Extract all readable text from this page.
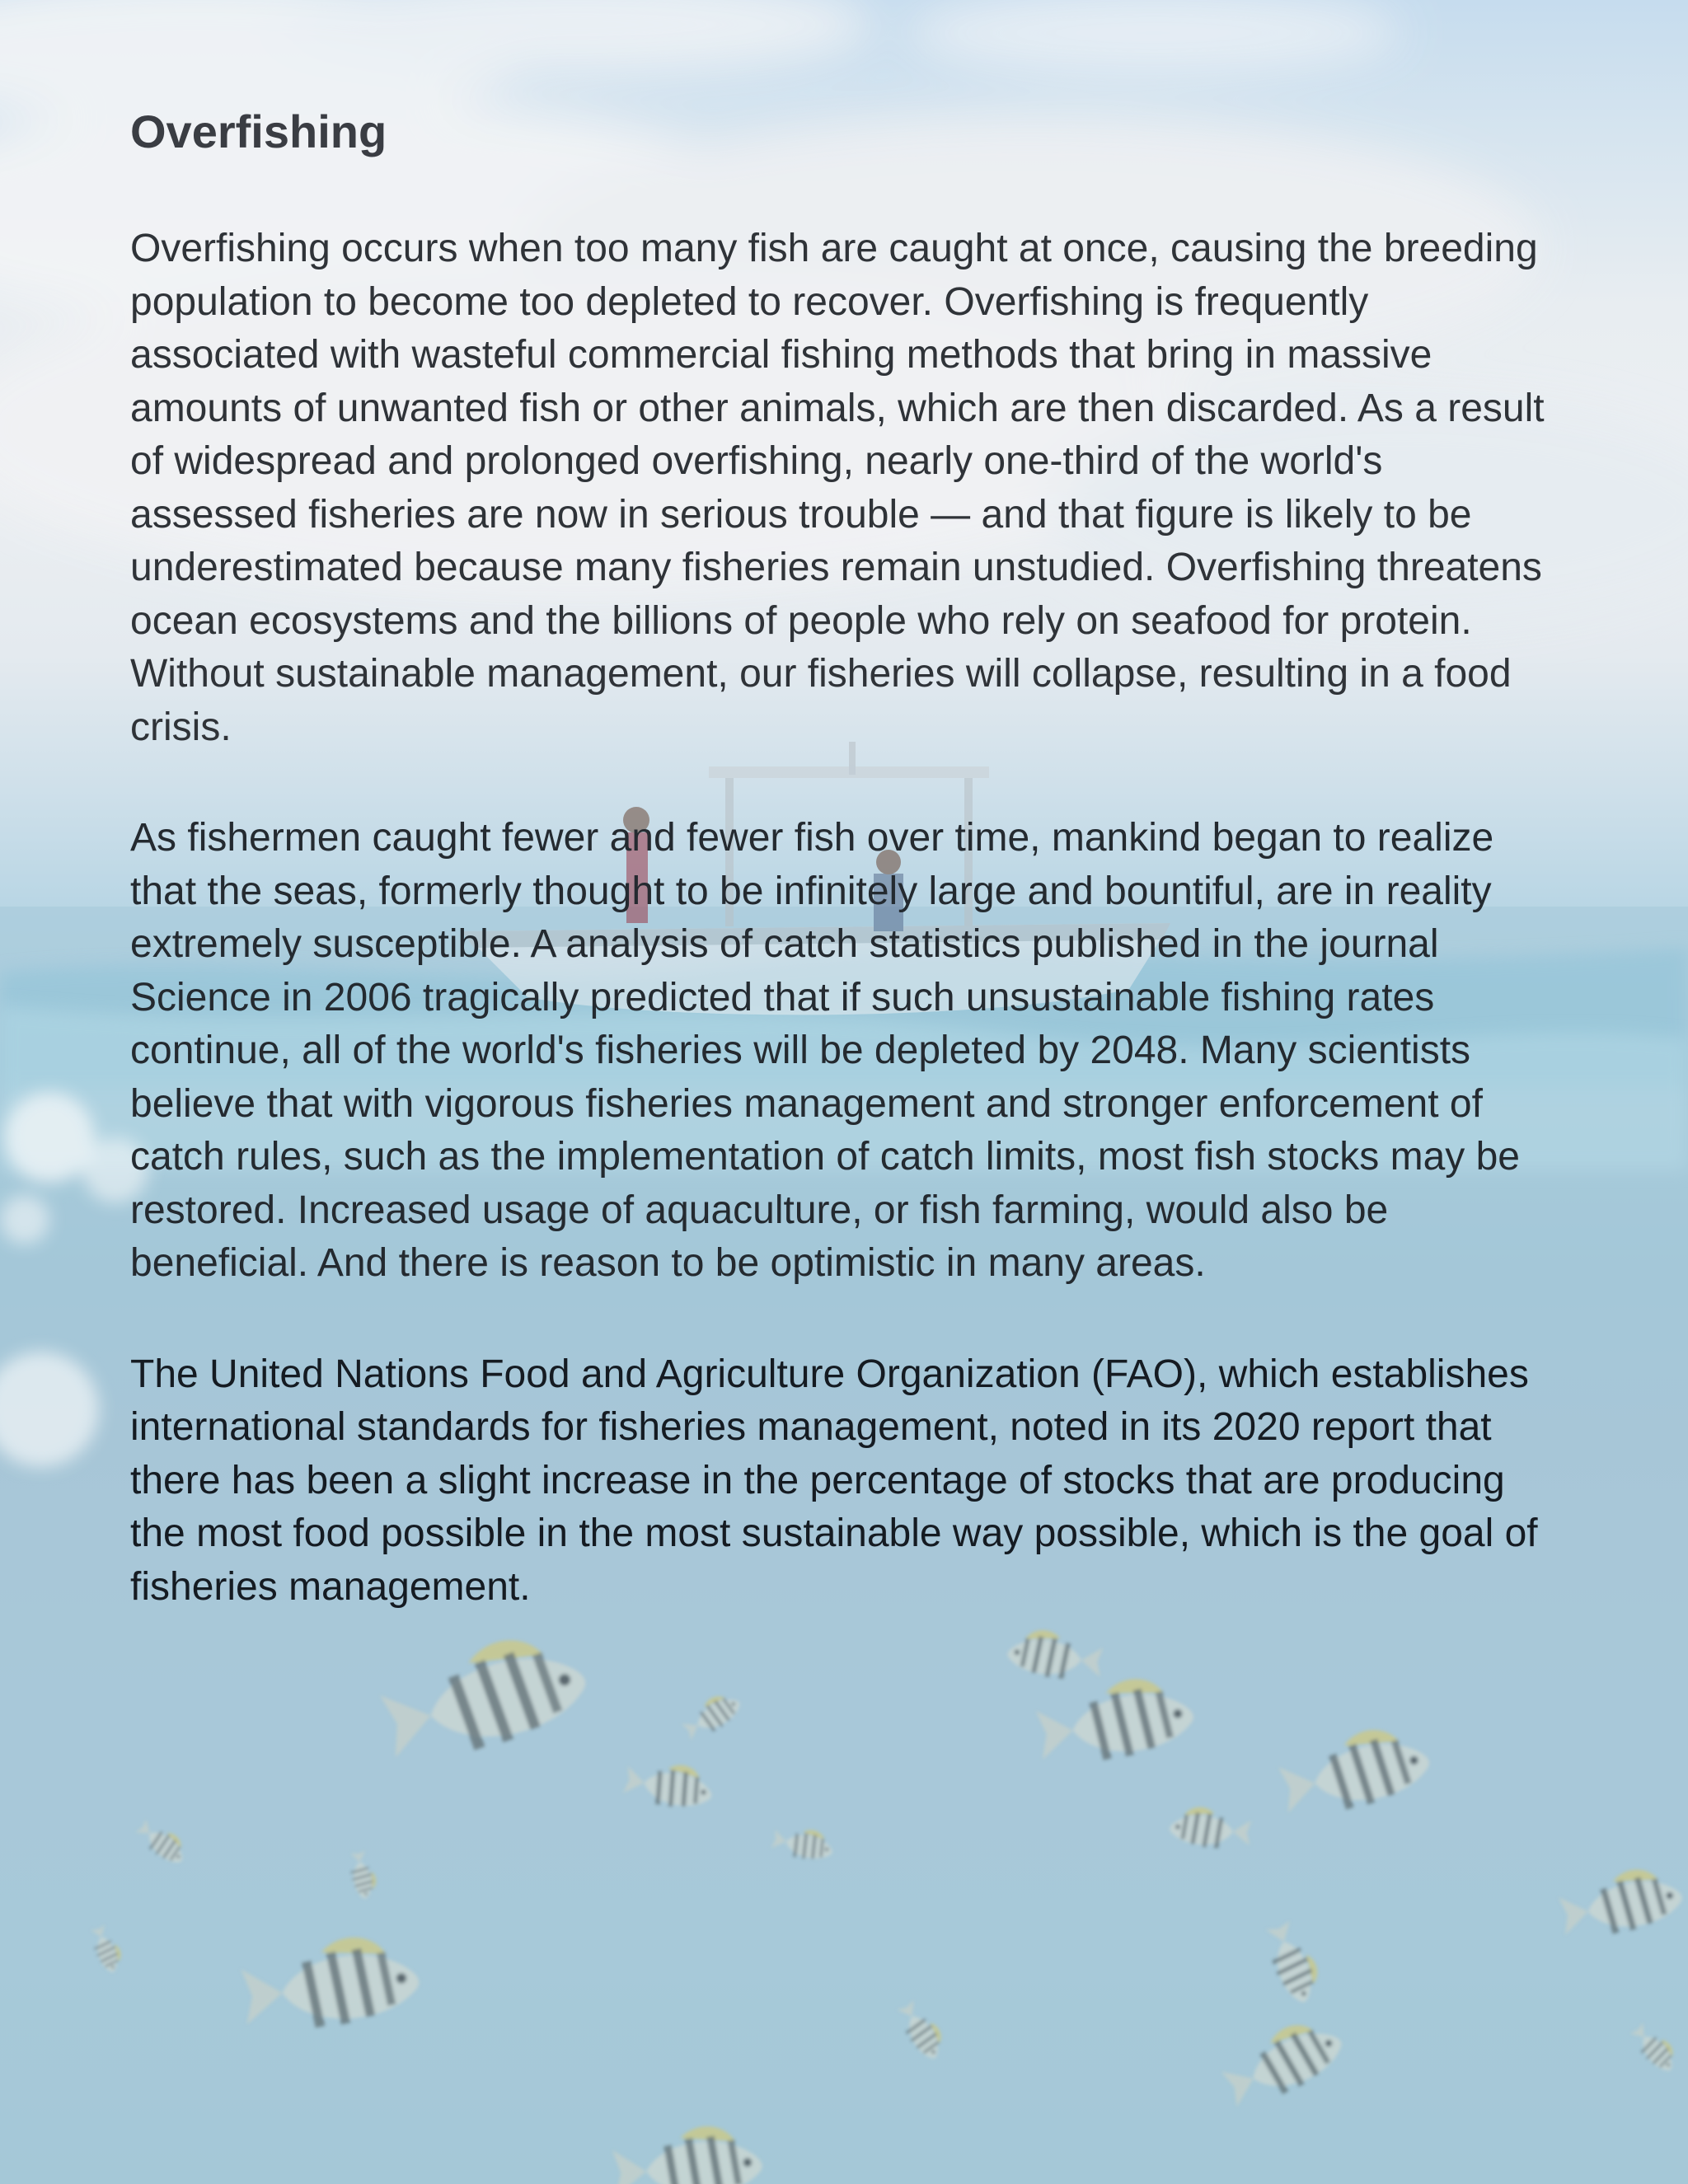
Overfishing

Overfishing occurs when too many fish are caught at once, causing the breeding population to become too depleted to recover. Overfishing is frequently associated with wasteful commercial fishing methods that bring in massive amounts of unwanted fish or other animals, which are then discarded. As a result of widespread and prolonged overfishing, nearly one-third of the world's assessed fisheries are now in serious trouble — and that figure is likely to be underestimated because many fisheries remain unstudied. Overfishing threatens ocean ecosystems and the billions of people who rely on seafood for protein. Without sustainable management, our fisheries will collapse, resulting in a food crisis.

As fishermen caught fewer and fewer fish over time, mankind began to realize that the seas, formerly thought to be infinitely large and bountiful, are in reality extremely susceptible. A analysis of catch statistics published in the journal Science in 2006 tragically predicted that if such unsustainable fishing rates continue, all of the world's fisheries will be depleted by 2048. Many scientists believe that with vigorous fisheries management and stronger enforcement of catch rules, such as the implementation of catch limits, most fish stocks may be restored. Increased usage of aquaculture, or fish farming, would also be beneficial. And there is reason to be optimistic in many areas.

The United Nations Food and Agriculture Organization (FAO), which establishes international standards for fisheries management, noted in its 2020 report that there has been a slight increase in the percentage of stocks that are producing the most food possible in the most sustainable way possible, which is the goal of fisheries management.
